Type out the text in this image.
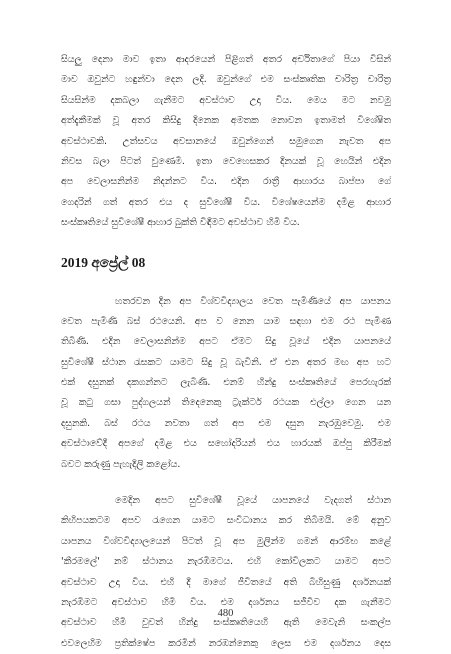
සියලු දෙනා මාව ඉතා ආදරයෙන් පිළිගත් අතර අර්චිතාගේ පියා විසින්

මාව ඔවුන්ට හඳුන්වා දෙන ලදි. ඔවුන්ගේ එම සංස්කෘතික චාරිත්‍ර චාරිත්‍ර

සියසින්ම දකබලා ගැනීමට අවස්ථාව උදා විය. මෙය මට නවමු

අත්දැකීමක් වූ අතර කිසිදු දිනෙක අමතක නොවන ඉතාමත් විශේෂිත

අවස්ථාවකි. උත්සවය අවසානයේ ඔවුන්ගෙන් සමුගෙන නැවත අප

නිවස බලා පිටත් වුණෙමි. ඉතා වෙහෙසකර දිනයක් වූ හෙයින් එදින

අප වෙලාසනින්ම නිදන්නට විය. එදින රාත්‍රී ආහාරය බාප්පා ගේ

ගෙදරින් ගත් අතර එය ද සුවිශේෂී විය. විශේෂයෙන්ම දමිළ ආහාර

සංස්කෘතියේ සුවිශේෂී ආහාර බුක්ති විඳීමට අවස්ථාව හිමි විය.

2019 අප්‍රේල් 08

හතරවන දින අප විශ්වවිද්‍යාලය වෙත පැමිණියේ අප යාපනය

වෙත පැමිණි බස් රථයෙනි. අප ව නෙන යාම සඳහා එම රථ පැමිණ

තිබිණි. එදින වෙලාසනින්ම අපට ඒමට සිදු වූයේ එදින යාපනයේ

සුවිශේෂී ස්ථාන රැසකට යාමට සිදු වූ බැවිනි. ඒ එන අතර මඟ අප හට

එක් දසුනක් දකගන්නට ලැබිණි. එනම් හින්දු සංස්කෘතියේ පෙරහැරක්

වූ කටු ගසා පුද්ගලයන් තිදෙනෙකු ට්‍රැක්ටර් රථයක එල්ලා ගෙන යන

දසුනකි. බස් රථය නවතා ගත් අප එම දසුන නැරඹුවෙමු. එම

අවස්ථාවේදී අපගේ දමිළ එය සහෝදරියන් එය හාරයක් ඔප්පු කිරීමක්

බවට කරුණු පැහැදිලි කළෝය.

මෙදින අපට සුවිශේෂී වූයේ යාපනයේ වැදගත් ස්ථාන

කිහිපයකටම අපව රැගෙන යාමට සංවිධානය කර තිබීමයි. මේ අනුව

යාපනය විශ්වවිද්‍යාලයෙන් පිටත් වූ අප මුලින්ම ගමන් ආරම්භ කළේ

'කීරමලේ' නම් ස්ථානය නැරඹීමටය. එහි කෝවිලකට යාමට අපට

අවස්ථාව උදා විය. එහි දී මාගේ ජීවිතයේ අති බිහිසුණු දර්ශනයක්

නැරඹීමට අවස්ථාව හිමි විය. එම දර්ශනය සජීවීව දක ගැනීමට

අවස්ථාව හිමි වුවත් හින්දු සංස්කෘතියෙහි ඇති මෙවැනි සංකල්ප

එවලෙහිම ප්‍රතික්ෂේප කරමින් නරඹන්නෙකු ලෙස එම දර්ශනය දෙස

480
